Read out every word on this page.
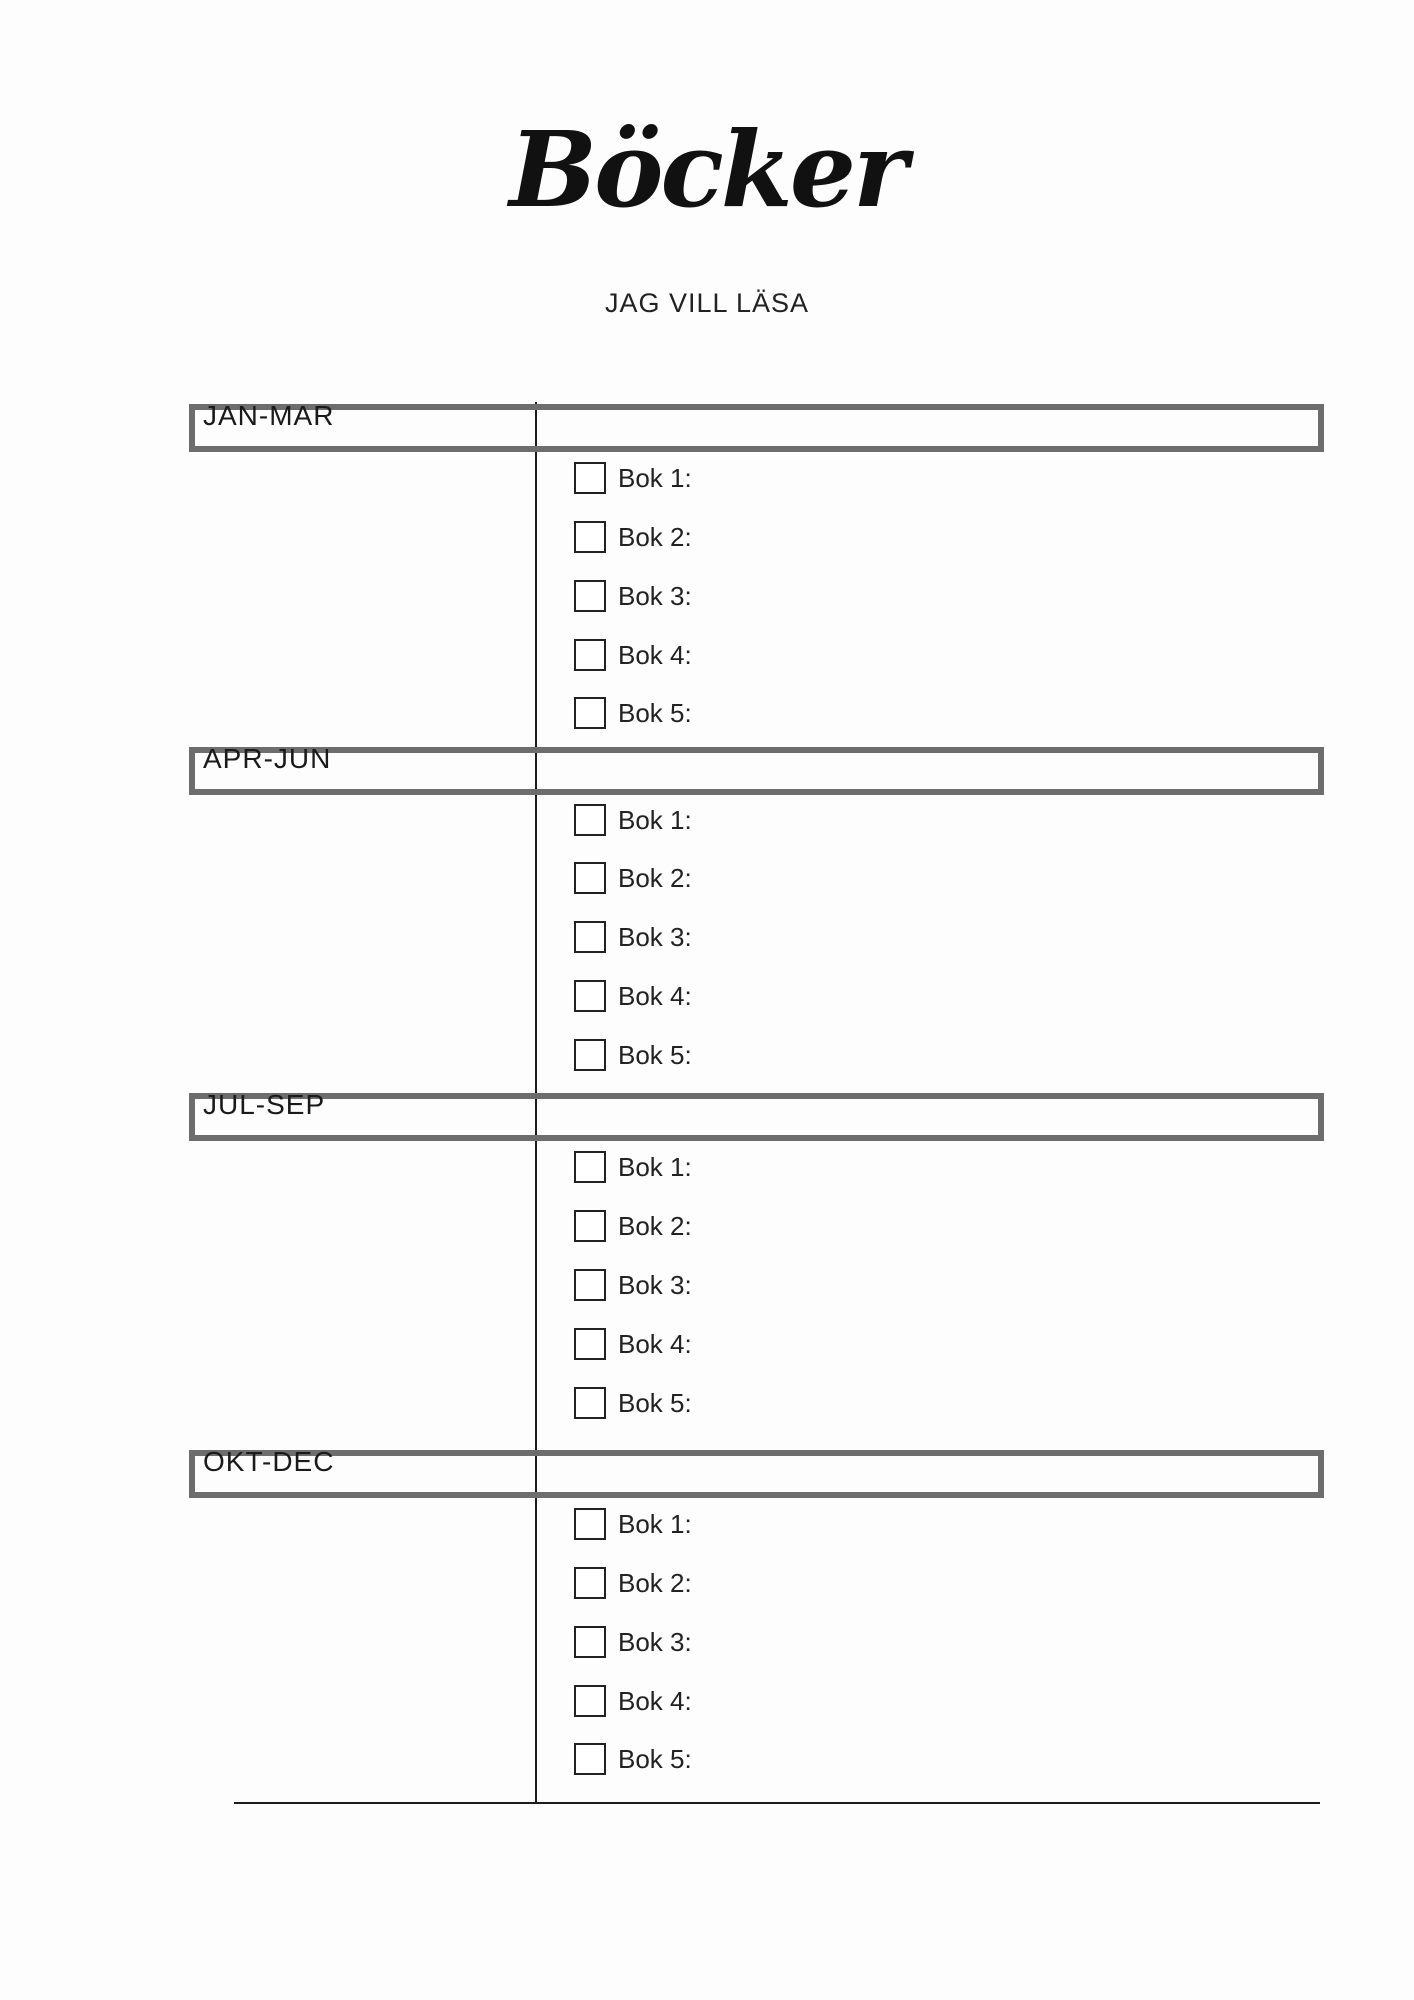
Böcker
JAG VILL LÄSA
JAN-MAR
Bok 1:
Bok 2:
Bok 3:
Bok 4:
Bok 5:
APR-JUN
Bok 1:
Bok 2:
Bok 3:
Bok 4:
Bok 5:
JUL-SEP
Bok 1:
Bok 2:
Bok 3:
Bok 4:
Bok 5:
OKT-DEC
Bok 1:
Bok 2:
Bok 3:
Bok 4:
Bok 5:
